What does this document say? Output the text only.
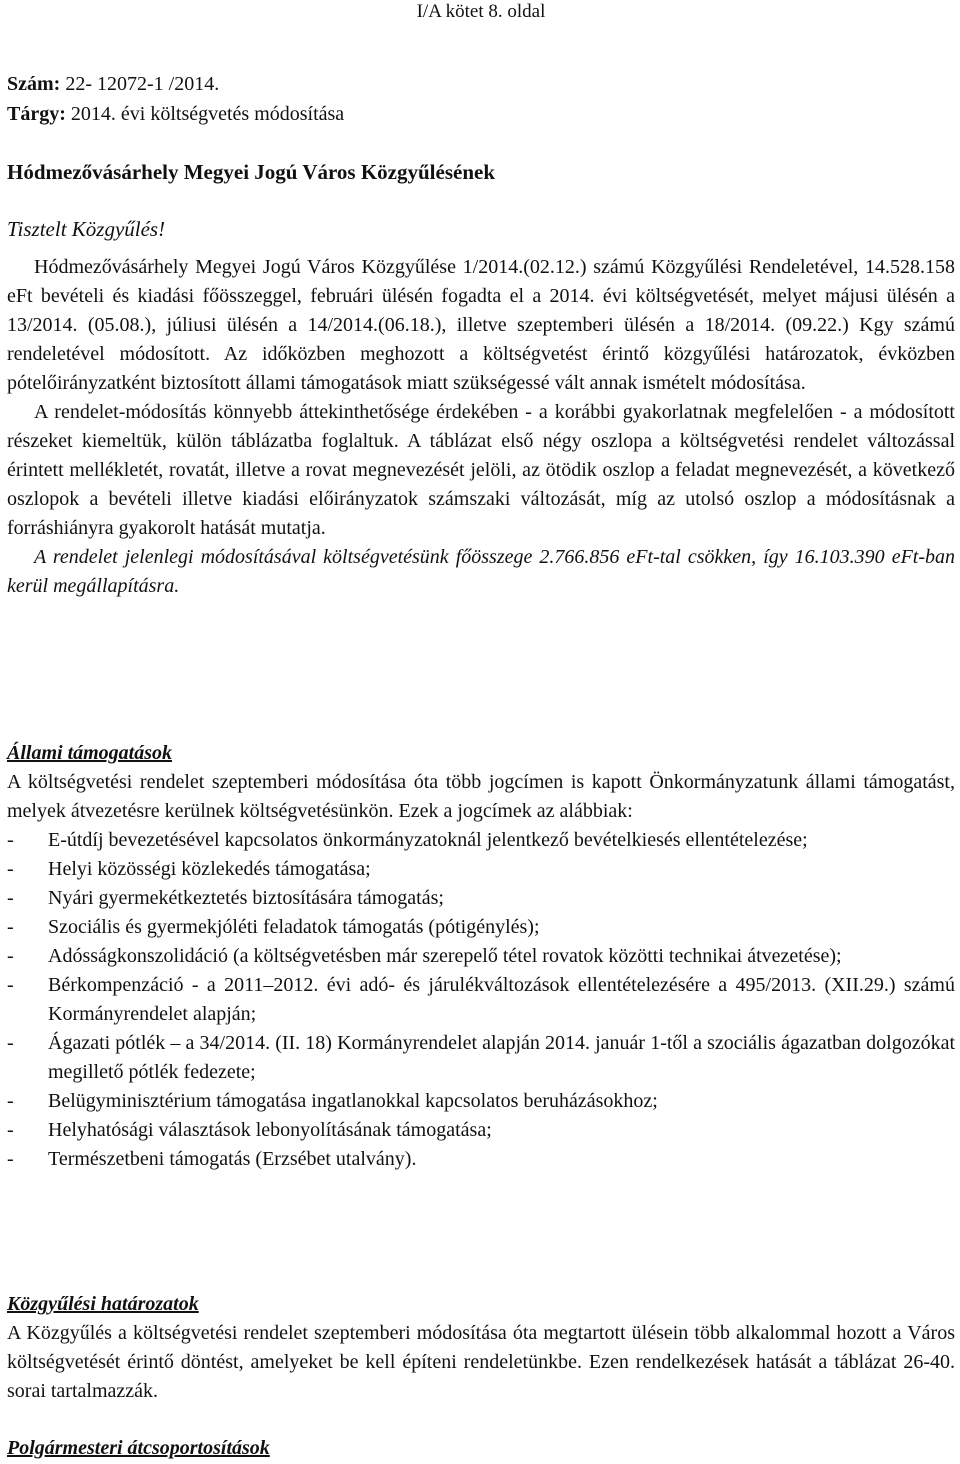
I/A kötet 8. oldal
Szám: 22- 12072-1 /2014.
Tárgy: 2014. évi költségvetés módosítása
Hódmezővásárhely Megyei Jogú Város Közgyűlésének
Tisztelt Közgyűlés!

Hódmezővásárhely Megyei Jogú Város Közgyűlése 1/2014.(02.12.) számú Közgyűlési Rendeletével, 14.528.158 eFt bevételi és kiadási főösszeggel, februári ülésén fogadta el a 2014. évi költségvetését, melyet májusi ülésén a 13/2014. (05.08.), júliusi ülésén a 14/2014.(06.18.), illetve szeptemberi ülésén a 18/2014. (09.22.) Kgy számú rendeletével módosított. Az időközben meghozott a költségvetést érintő közgyűlési határozatok, évközben pótelőirányzatként biztosított állami támogatások miatt szükségessé vált annak ismételt módosítása.

A rendelet-módosítás könnyebb áttekinthetősége érdekében - a korábbi gyakorlatnak megfelelően - a módosított részeket kiemeltük, külön táblázatba foglaltuk. A táblázat első négy oszlopa a költségvetési rendelet változással érintett mellékletét, rovatát, illetve a rovat megnevezését jelöli, az ötödik oszlop a feladat megnevezését, a következő oszlopok a bevételi illetve kiadási előirányzatok számszaki változását, míg az utolsó oszlop a módosításnak a forráshiányra gyakorolt hatását mutatja.

A rendelet jelenlegi módosításával költségvetésünk főösszege 2.766.856 eFt-tal csökken, így 16.103.390 eFt-ban kerül megállapításra.

Állami támogatások

A költségvetési rendelet szeptemberi módosítása óta több jogcímen is kapott Önkormányzatunk állami támogatást, melyek átvezetésre kerülnek költségvetésünkön. Ezek a jogcímek az alábbiak:

- E-útdíj bevezetésével kapcsolatos önkormányzatoknál jelentkező bevételkiesés ellentételezése;
- Helyi közösségi közlekedés támogatása;
- Nyári gyermekétkeztetés biztosítására támogatás;
- Szociális és gyermekjóléti feladatok támogatás (pótigénylés);
- Adósságkonszolidáció (a költségvetésben már szerepelő tétel rovatok közötti technikai átvezetése);
- Bérkompenzáció - a 2011–2012. évi adó- és járulékváltozások ellentételezésére a 495/2013. (XII.29.) számú Kormányrendelet alapján;
- Ágazati pótlék – a 34/2014. (II. 18) Kormányrendelet alapján 2014. január 1-től a szociális ágazatban dolgozókat megillető pótlék fedezete;
- Belügyminisztérium támogatása ingatlanokkal kapcsolatos beruházásokhoz;
- Helyhatósági választások lebonyolításának támogatása;
- Természetbeni támogatás (Erzsébet utalvány).

Közgyűlési határozatok

A Közgyűlés a költségvetési rendelet szeptemberi módosítása óta megtartott ülésein több alkalommal hozott a Város költségvetését érintő döntést, amelyeket be kell építeni rendeletünkbe. Ezen rendelkezések hatását a táblázat 26-40. sorai tartalmazzák.

Polgármesteri átcsoportosítások
